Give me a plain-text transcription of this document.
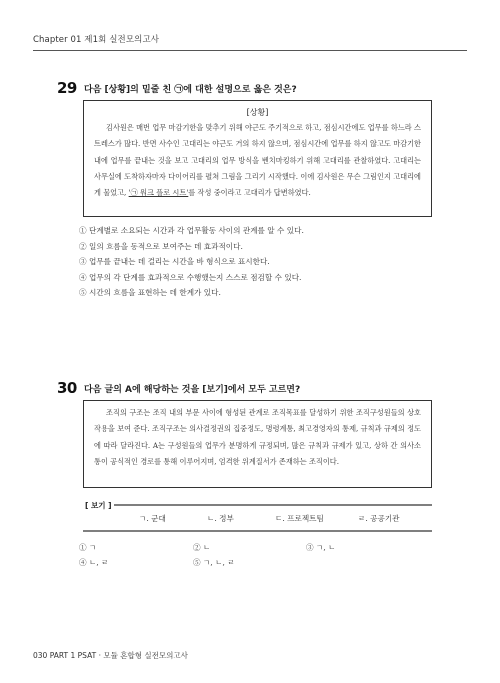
Chapter 01 제1회 실전모의고사
29 다음 [상황]의 밑줄 친 ㉠에 대한 설명으로 옳은 것은?
[상황]

김사원은 매번 업무 마감기한을 맞추기 위해 야근도 주기적으로 하고, 점심시간에도 업무를 하느라 스트레스가 많다. 반면 사수인 고대리는 야근도 거의 하지 않으며, 점심시간에 업무를 하지 않고도 마감기한 내에 업무를 끝내는 것을 보고 고대리의 업무 방식을 벤치마킹하기 위해 고대리를 관찰하였다. 고대리는 사무실에 도착하자마자 다이어리를 펼쳐 그림을 그리기 시작했다. 이에 김사원은 무슨 그림인지 고대리에게 물었고, '㉠ 워크 플로 시트'를 작성 중이라고 고대리가 답변하였다.

① 단계별로 소요되는 시간과 각 업무활동 사이의 관계를 알 수 있다.
② 일의 흐름을 동적으로 보여주는 데 효과적이다.
③ 업무를 끝내는 데 걸리는 시간을 바 형식으로 표시한다.
④ 업무의 각 단계를 효과적으로 수행했는지 스스로 점검할 수 있다.
⑤ 시간의 흐름을 표현하는 데 한계가 있다.
30 다음 글의 A에 해당하는 것을 [보기]에서 모두 고르면?

조직의 구조는 조직 내의 부문 사이에 형성된 관계로 조직목표를 달성하기 위한 조직구성원들의 상호작용을 보여 준다. 조직구조는 의사결정권의 집중정도, 명령계통, 최고경영자의 통제, 규칙과 규제의 정도에 따라 달라진다. A는 구성원들의 업무가 분명하게 규정되며, 많은 규칙과 규제가 있고, 상하 간 의사소통이 공식적인 경로를 통해 이루어지며, 엄격한 위계질서가 존재하는 조직이다.

[ 보기 ]
ㄱ. 군대	ㄴ. 정부	ㄷ. 프로젝트팀	ㄹ. 공공기관
① ㄱ	② ㄴ	③ ㄱ, ㄴ
④ ㄴ, ㄹ	⑤ ㄱ, ㄴ, ㄹ
030 PART 1 PSAT · 모듈 혼합형 실전모의고사
